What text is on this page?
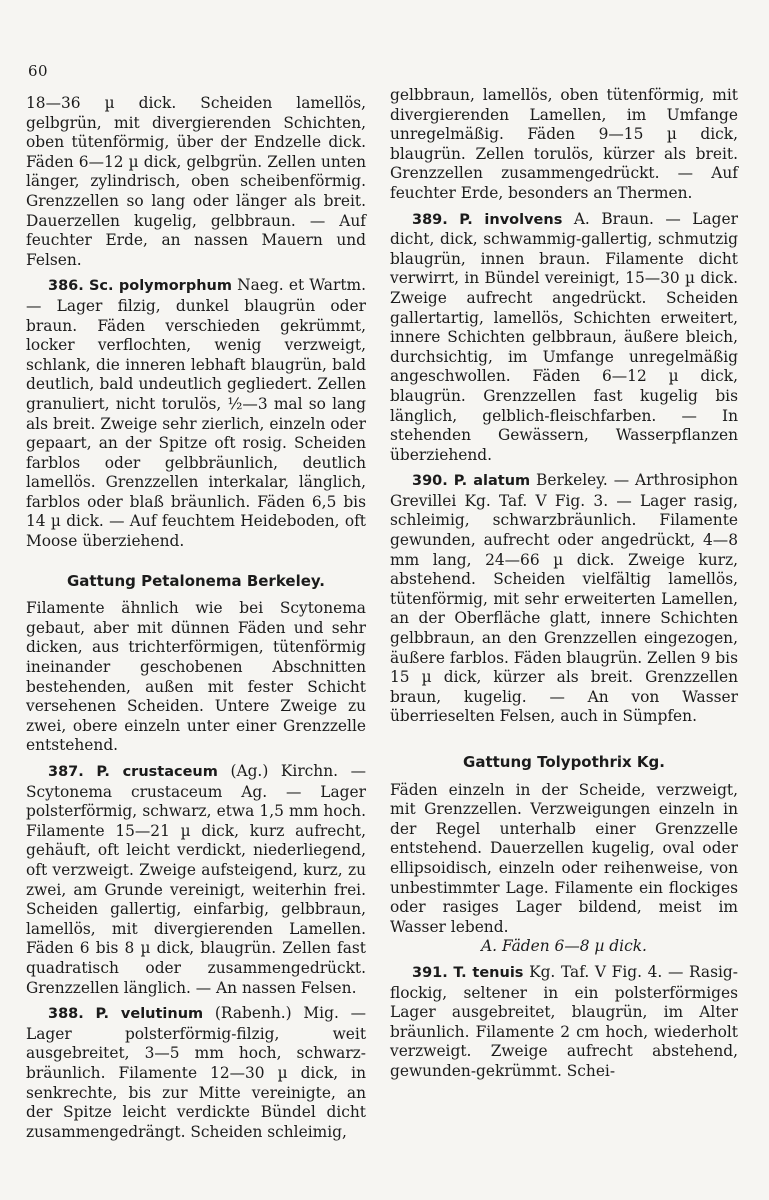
60

18—36 µ dick. Scheiden lamellös, gelbgrün, mit divergierenden Schichten, oben tütenförmig, über der Endzelle dick. Fäden 6—12 µ dick, gelbgrün. Zellen unten länger, zylindrisch, oben scheibenförmig. Grenzzellen so lang oder länger als breit. Dauerzellen kugelig, gelbbraun. — Auf feuchter Erde, an nassen Mauern und Felsen.

386. Sc. polymorphum Naeg. et Wartm. — Lager filzig, dunkel blaugrün oder braun. Fäden verschieden gekrümmt, locker verflochten, wenig verzweigt, schlank, die inneren lebhaft blaugrün, bald deutlich, bald undeutlich gegliedert. Zellen granuliert, nicht torulös, ½—3 mal so lang als breit. Zweige sehr zierlich, einzeln oder gepaart, an der Spitze oft rosig. Scheiden farblos oder gelbbräunlich, deutlich lamellös. Grenzzellen interkalar, länglich, farblos oder blaß bräunlich. Fäden 6,5 bis 14 µ dick. — Auf feuchtem Heideboden, oft Moose überziehend.

Gattung Petalonema Berkeley.

Filamente ähnlich wie bei Scytonema gebaut, aber mit dünnen Fäden und sehr dicken, aus trichterförmigen, tütenförmig ineinander geschobenen Abschnitten bestehenden, außen mit fester Schicht versehenen Scheiden. Untere Zweige zu zwei, obere einzeln unter einer Grenzzelle entstehend.

387. P. crustaceum (Ag.) Kirchn. — Scytonema crustaceum Ag. — Lager polsterförmig, schwarz, etwa 1,5 mm hoch. Filamente 15—21 µ dick, kurz aufrecht, gehäuft, oft leicht verdickt, niederliegend, oft verzweigt. Zweige aufsteigend, kurz, zu zwei, am Grunde vereinigt, weiterhin frei. Scheiden gallertig, einfarbig, gelbbraun, lamellös, mit divergierenden Lamellen. Fäden 6 bis 8 µ dick, blaugrün. Zellen fast quadratisch oder zusammengedrückt. Grenzzellen länglich. — An nassen Felsen.

388. P. velutinum (Rabenh.) Mig. — Lager polsterförmig-filzig, weit ausgebreitet, 3—5 mm hoch, schwarz-bräunlich. Filamente 12—30 µ dick, in senkrechte, bis zur Mitte vereinigte, an der Spitze leicht verdickte Bündel dicht zusammengedrängt. Scheiden schleimig,

gelbbraun, lamellös, oben tütenförmig, mit divergierenden Lamellen, im Umfange unregelmäßig. Fäden 9—15 µ dick, blaugrün. Zellen torulös, kürzer als breit. Grenzzellen zusammengedrückt. — Auf feuchter Erde, besonders an Thermen.

389. P. involvens A. Braun. — Lager dicht, dick, schwammig-gallertig, schmutzig blaugrün, innen braun. Filamente dicht verwirrt, in Bündel vereinigt, 15—30 µ dick. Zweige aufrecht angedrückt. Scheiden gallertartig, lamellös, Schichten erweitert, innere Schichten gelbbraun, äußere bleich, durchsichtig, im Umfange unregelmäßig angeschwollen. Fäden 6—12 µ dick, blaugrün. Grenzzellen fast kugelig bis länglich, gelblich-fleischfarben. — In stehenden Gewässern, Wasserpflanzen überziehend.

390. P. alatum Berkeley. — Arthrosiphon Grevillei Kg. Taf. V Fig. 3. — Lager rasig, schleimig, schwarzbräunlich. Filamente gewunden, aufrecht oder angedrückt, 4—8 mm lang, 24—66 µ dick. Zweige kurz, abstehend. Scheiden vielfältig lamellös, tütenförmig, mit sehr erweiterten Lamellen, an der Oberfläche glatt, innere Schichten gelbbraun, an den Grenzzellen eingezogen, äußere farblos. Fäden blaugrün. Zellen 9 bis 15 µ dick, kürzer als breit. Grenzzellen braun, kugelig. — An von Wasser überrieselten Felsen, auch in Sümpfen.

Gattung Tolypothrix Kg.

Fäden einzeln in der Scheide, verzweigt, mit Grenzzellen. Verzweigungen einzeln in der Regel unterhalb einer Grenzzelle entstehend. Dauerzellen kugelig, oval oder ellipsoidisch, einzeln oder reihenweise, von unbestimmter Lage. Filamente ein flockiges oder rasiges Lager bildend, meist im Wasser lebend.

A. Fäden 6—8 µ dick.

391. T. tenuis Kg. Taf. V Fig. 4. — Rasig-flockig, seltener in ein polsterförmiges Lager ausgebreitet, blaugrün, im Alter bräunlich. Filamente 2 cm hoch, wiederholt verzweigt. Zweige aufrecht abstehend, gewunden-gekrümmt. Schei-
